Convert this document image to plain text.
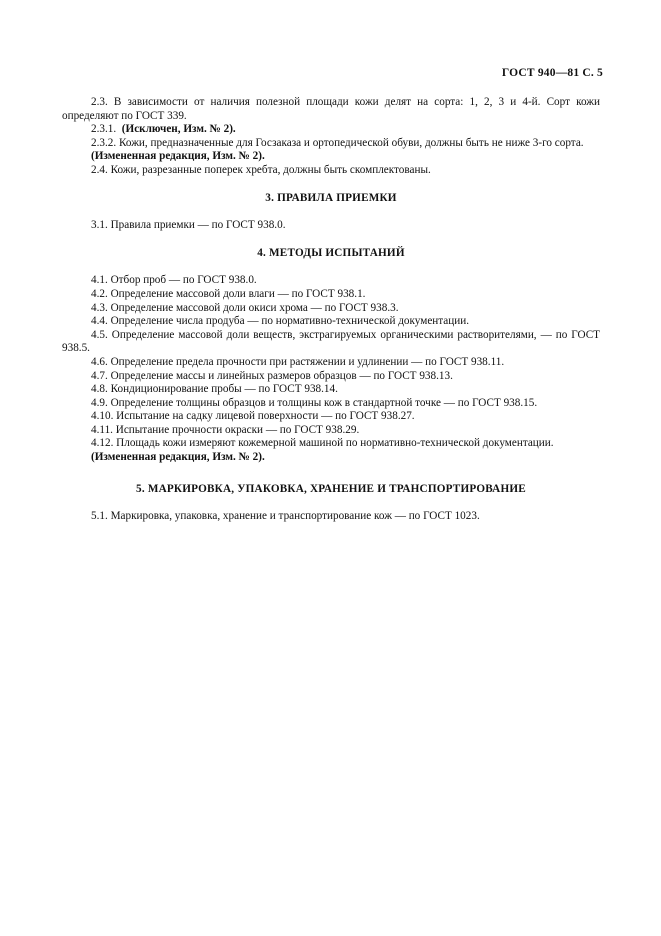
ГОСТ 940—81 С. 5

2.3. В зависимости от наличия полезной площади кожи делят на сорта: 1, 2, 3 и 4-й. Сорт кожи определяют по ГОСТ 339.

2.3.1. (Исключен, Изм. № 2).

2.3.2. Кожи, предназначенные для Госзаказа и ортопедической обуви, должны быть не ниже 3-го сорта.

(Измененная редакция, Изм. № 2).

2.4. Кожи, разрезанные поперек хребта, должны быть скомплектованы.

3. ПРАВИЛА ПРИЕМКИ

3.1. Правила приемки — по ГОСТ 938.0.

4. МЕТОДЫ ИСПЫТАНИЙ

4.1. Отбор проб — по ГОСТ 938.0.

4.2. Определение массовой доли влаги — по ГОСТ 938.1.

4.3. Определение массовой доли окиси хрома — по ГОСТ 938.3.

4.4. Определение числа продуба — по нормативно-технической документации.

4.5. Определение массовой доли веществ, экстрагируемых органическими растворителями, — по ГОСТ 938.5.

4.6. Определение предела прочности при растяжении и удлинении — по ГОСТ 938.11.

4.7. Определение массы и линейных размеров образцов — по ГОСТ 938.13.

4.8. Кондиционирование пробы — по ГОСТ 938.14.

4.9. Определение толщины образцов и толщины кож в стандартной точке — по ГОСТ 938.15.

4.10. Испытание на садку лицевой поверхности — по ГОСТ 938.27.

4.11. Испытание прочности окраски — по ГОСТ 938.29.

4.12. Площадь кожи измеряют кожемерной машиной по нормативно-технической документации.

(Измененная редакция, Изм. № 2).

5. МАРКИРОВКА, УПАКОВКА, ХРАНЕНИЕ И ТРАНСПОРТИРОВАНИЕ

5.1. Маркировка, упаковка, хранение и транспортирование кож — по ГОСТ 1023.
